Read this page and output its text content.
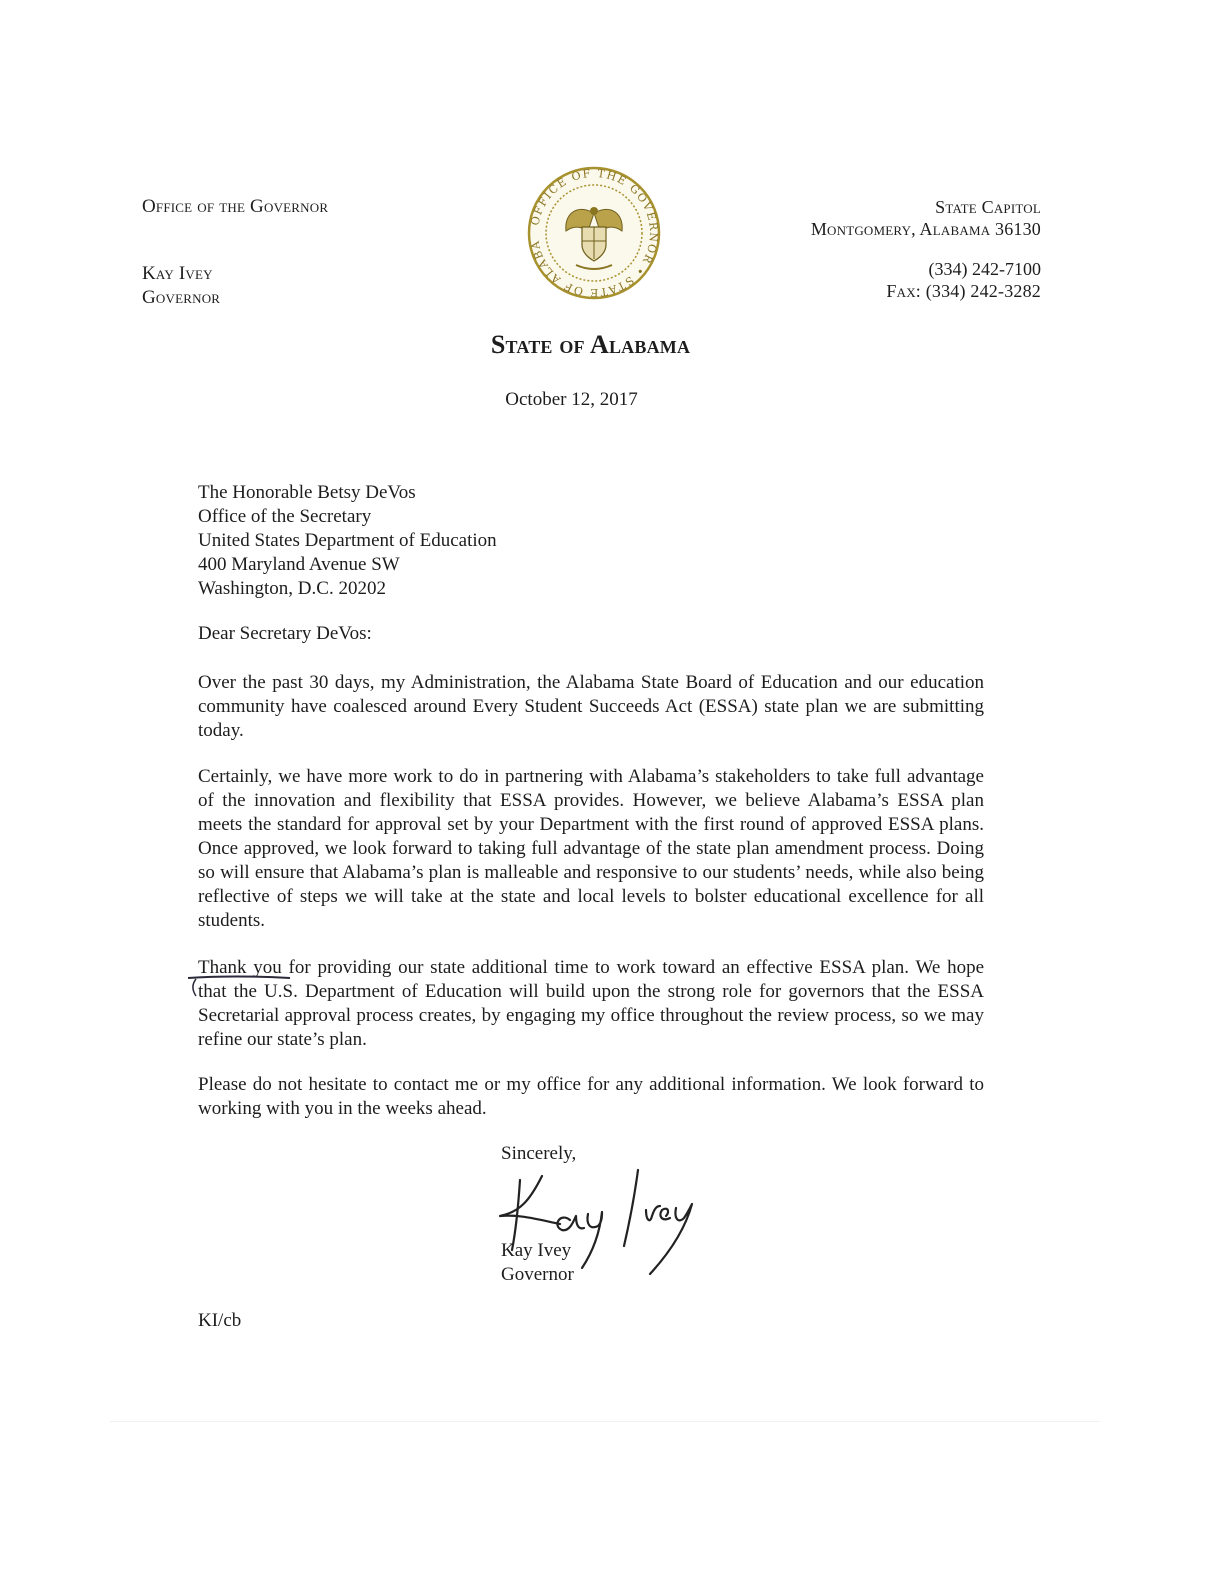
Office of the Governor
Kay Ivey
Governor
OFFICE OF THE GOVERNOR • STATE OF ALABA
State Capitol
Montgomery, Alabama 36130
(334) 242-7100
Fax: (334) 242-3282
State of Alabama
October 12, 2017
The Honorable Betsy DeVos
Office of the Secretary
United States Department of Education
400 Maryland Avenue SW
Washington, D.C. 20202
Dear Secretary DeVos:

Over the past 30 days, my Administration, the Alabama State Board of Education and our education community have coalesced around Every Student Succeeds Act (ESSA) state plan we are submitting today.

Certainly, we have more work to do in partnering with Alabama’s stakeholders to take full advantage of the innovation and flexibility that ESSA provides. However, we believe Alabama’s ESSA plan meets the standard for approval set by your Department with the first round of approved ESSA plans. Once approved, we look forward to taking full advantage of the state plan amendment process. Doing so will ensure that Alabama’s plan is malleable and responsive to our students’ needs, while also being reflective of steps we will take at the state and local levels to bolster educational excellence for all students.

Thank you for providing our state additional time to work toward an effective ESSA plan. We hope that the U.S. Department of Education will build upon the strong role for governors that the ESSA Secretarial approval process creates, by engaging my office throughout the review process, so we may refine our state’s plan.

Please do not hesitate to contact me or my office for any additional information. We look forward to working with you in the weeks ahead.

Sincerely,
Kay Ivey
Governor
KI/cb
